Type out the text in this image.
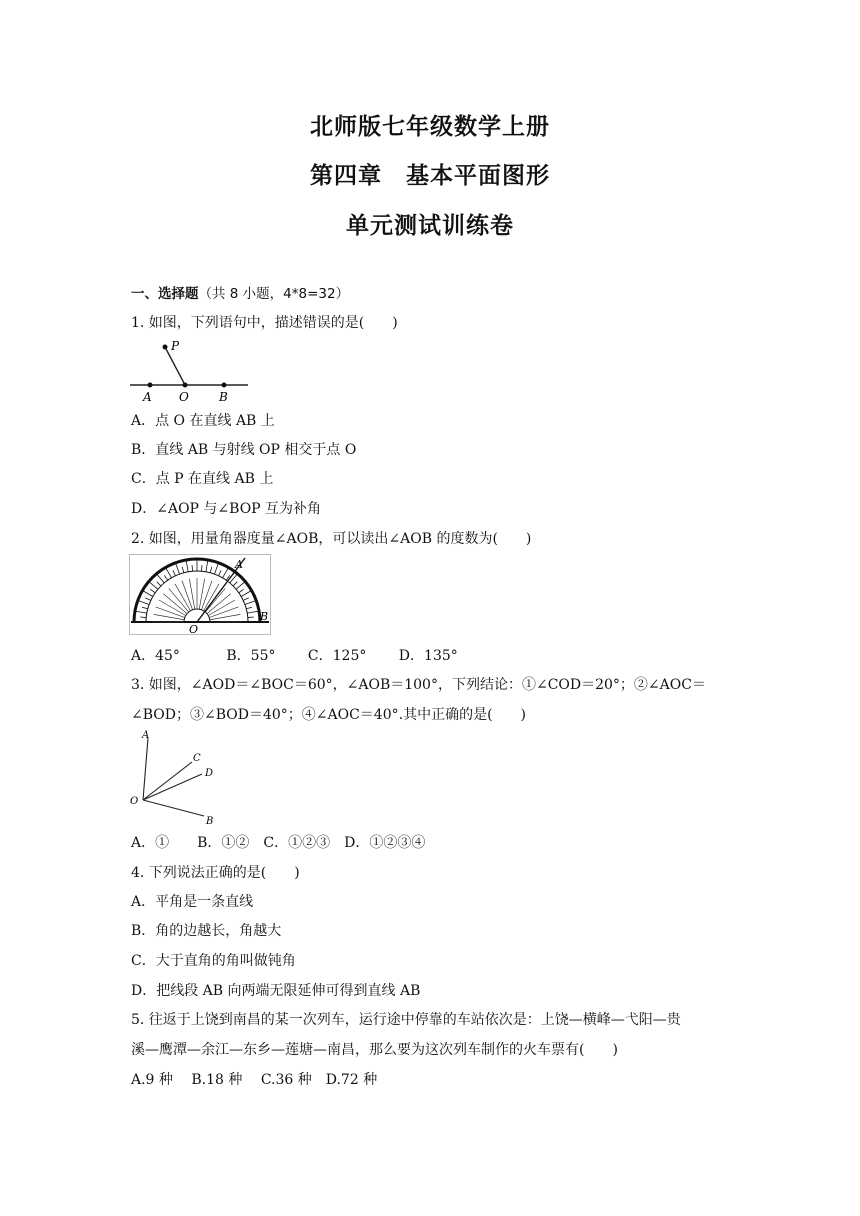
北师版七年级数学上册
第四章　基本平面图形
单元测试训练卷
一、选择题（共 8 小题，4*8=32）
1. 如图，下列语句中，描述错误的是(　　)
P
A O	B
A．点 O 在直线 AB 上
B．直线 AB 与射线 OP 相交于点 O
C．点 P 在直线 AB 上
D．∠AOP 与∠BOP 互为补角
2. 如图，用量角器度量∠AOB，可以读出∠AOB 的度数为(　　)
A
O
B
A．45°　　　 B．55°　　 C．125°　　 D．135°
3. 如图，∠AOD＝∠BOC＝60°，∠AOB＝100°，下列结论：①∠COD＝20°；②∠AOC＝
∠BOD；③∠BOD＝40°；④∠AOC＝40°.其中正确的是(　　)
A
C
D
O
B
A．①　　B．①②　C．①②③　D．①②③④
4. 下列说法正确的是(　　)
A．平角是一条直线
B．角的边越长，角越大
C．大于直角的角叫做钝角
D．把线段 AB 向两端无限延伸可得到直线 AB
5. 往返于上饶到南昌的某一次列车，运行途中停靠的车站依次是：上饶—横峰—弋阳—贵
溪—鹰潭—余江—东乡—莲塘—南昌，那么要为这次列车制作的火车票有(　　)
A.9 种　 B.18 种　 C.36 种　D.72 种
